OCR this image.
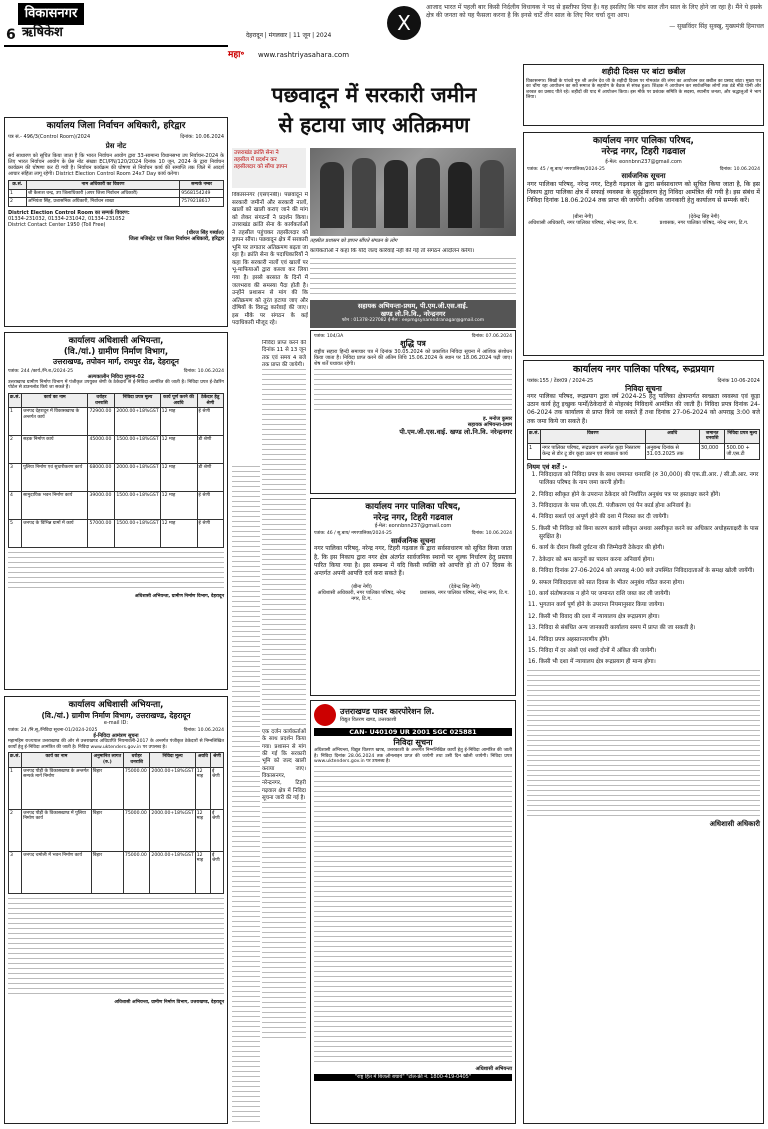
6
विकासनगर
ऋषिकेश	देहरादून | मंगलवार | 11 जून | 2024
महा॰ www.rashtriyasahara.com
X
आजाद भारत में पहली बार किसी निर्दलीय विधायक ने पद से इस्तीफा दिया है। यह इसलिए कि पांच साल तीन साल के लिए होने जा रहा है। मैंने ये इसके क्षेत्र की जनता को यह फैसला करना है कि इनसे चार्टें तीन साल के लिए फिर चर्चा दूना आप।
— सुखविंदर सिंह सुक्खू, मुख्यमंत्री हिमाचल
पछवादून में सरकारी जमीन
से हटाया जाए अतिक्रमण
उत्तराखंड क्रांति सेना ने
तहसील में प्रदर्शन कर
तहसीलदार को सौंपा ज्ञापन
तहसील प्रशासन को ज्ञापन सौंपते संगठन के लोग
शहीदी दिवस पर बांटा छबील
विकासनगर। सिखों के पांचवे गुरु श्री अर्जन देव जी के शहीदी दिवस पर गोमकांत की लंगर का आयोजन कर छबील का प्रसाद बांटा। मुख्य पथ का चौंगा रहा आयोजन का सर्व समाज के सहयोग के बैठक से संपन्न हुआ। शिक्षक ने आयोजन कर सार्वजनिक लोगों तक ठंडे मीठे पानी और शरबत का प्रसाद पीते रहे। शहीदों की याद में आयोजन किया। इस मौके पर प्रबंधक समिति के सदस्य, स्थानीय जनता, और श्रद्धालुओं ने भाग लिया।
कार्यालय जिला निर्वाचन अधिकारी, हरिद्वार
पत्र सं.- 496/3(Control Room)/2024	दिनांक: 10.06.2024
प्रेस नोट
सर्व साधारण को सूचित किया जाता है कि भारत निर्वाचन आयोग द्वारा 33-सामान्य विधानसभा उप निर्वाचन-2024 के लिए भारत निर्वाचन आयोग के प्रेस नोट संख्या ECI/PN/120/2024 दिनांक 10 जून, 2024 के द्वारा निर्वाचन कार्यक्रम की घोषणा कर दी गयी है। निर्वाचन कार्यक्रम की घोषणा से निर्वाचन कार्य की समाप्ति तक जिले में आदर्श आचार संहिता लागू रहेगी। District Election Control Room 24x7 Day कार्य करेगा।
क्र.सं.	नाम अधिकारी का विवरण	सम्पर्क नम्बर
1	श्री कैलाश चन्द्र, उप जिलाधिकारी (अपर जिला निर्वाचन अधिकारी)	9568154249
2	अभियंता सिंह, प्रशासनिक अधिकारी, निर्वाचन शाखा	7579218617
District Election Control Room का सम्पर्क विवरण:
01334-231032, 01334-231042, 01334-231052
District Contact Center 1950 (Toll Free)
(धीरज सिंह गर्ब्याल)
जिला मजिस्ट्रेट एवं जिला निर्वाचन अधिकारी, हरिद्वार
कार्यालय अधिशासी अभियन्ता,
(वि./यां.) ग्रामीण निर्माण विभाग,
उत्तराखण्ड, तपोवन मार्ग, रायपुर रोड, देहरादून
पत्रांक: 244 /कार्य./नि.ब./2024-25	दिनांक: 10.06.2024
अल्पकालीन निविदा सूचना-02
उत्तराखण्ड ग्रामीण निर्माण विभाग में पंजीकृत उपयुक्त श्रेणी के ठेकेदारों से ई-निविदा आमंत्रित की जाती है। निविदा प्रपत्र ई-टेंडरिंग पोर्टल से डाउनलोड किये जा सकते हैं।
क्र.सं.	कार्य का नाम	धरोहर धनराशि	निविदा प्रपत्र मूल्य	कार्य पूर्ण करने की अवधि	ठेकेदार हेतु श्रेणी
1	जनपद देहरादून में विकासखण्ड के अन्तर्गत कार्य	72900.00	2000.00+18%GST	12 माह	ई श्रेणी
2	सड़क निर्माण कार्य	45000.00	1500.00+18%GST	12 माह	डी श्रेणी
3	पुलिया निर्माण एवं सुधारीकरण कार्य	68000.00	2000.00+18%GST	12 माह	डी श्रेणी
4	सामुदायिक भवन निर्माण कार्य	39000.00	1500.00+18%GST	12 माह	ई श्रेणी
5	जनपद के विभिन्न ग्रामों में कार्य	57000.00	1500.00+18%GST	12 माह	ई श्रेणी
अधिशासी अभियन्ता, ग्रामीण निर्माण विभाग, देहरादून
कार्यालय अधिशासी अभियन्ता,
(वि./यां.) ग्रामीण निर्माण विभाग, उत्तराखण्ड, देहरादून
e-mail ID:
पत्रांक: 24 /नि.सू./निविदा सूचना-01/2024-2025	दिनांक: 10.06.2024
ई-निविदा आमंत्रण सूचना
महामहिम राज्यपाल उत्तराखण्ड की ओर से उत्तराखण्ड अधिप्राप्ति नियमावली-2017 के अन्तर्गत पंजीकृत ठेकेदारों से निम्नलिखित कार्यों हेतु ई-निविदा आमंत्रित की जाती है। निविदा www.uktenders.gov.in पर उपलब्ध है।
क्र.सं.	कार्य का नाम	अनुमानित लागत (रु.)	धरोहर धनराशि	निविदा मूल्य	अवधि	श्रेणी
1	जनपद पौड़ी के विकासखण्ड के अन्तर्गत सम्पर्क मार्ग निर्माण	बिहार	75000.00	2000.00+18%GST	12 माह	ई श्रेणी
2	जनपद पौड़ी के विकासखण्ड में पुलिया निर्माण कार्य	बिहार	75000.00	2000.00+18%GST	12 माह	ई श्रेणी
3	जनपद चमोली में भवन निर्माण कार्य	बिहार	75000.00	2000.00+18%GST	12 माह	ई श्रेणी
अधिशासी अभियन्ता, ग्रामीण निर्माण विभाग, उत्तराखण्ड, देहरादून
विकासनगर (एसएनबी)। पछवादून में सरकारी जमीनों और सरकारी नालों, खालों को खाली कराए जाने की मांग को लेकर संगठनों ने प्रदर्शन किया। उत्तराखंड क्रांति सेना के कार्यकर्ताओं ने तहसील पहुंचकर तहसीलदार को ज्ञापन सौंपा। पछवादून क्षेत्र में सरकारी भूमि पर लगातार अतिक्रमण बढ़ता जा रहा है। क्रांति सेना के पदाधिकारियों ने कहा कि सरकारी नालों एवं खालों पर भू-माफियाओं द्वारा कब्जा कर लिया गया है। इससे बरसात के दिनों में जलभराव की समस्या पैदा होती है। उन्होंने प्रशासन से मांग की कि अतिक्रमण को तुरंत हटाया जाए और दोषियों के विरुद्ध कार्रवाई की जाए। इस मौके पर संगठन के कई पदाधिकारी मौजूद रहे।
कार्यकर्ताओं ने कहा कि यदि जल्द कार्रवाई नहीं की गई तो संगठन आंदोलन करेगा।
सहायक अभियन्ता-प्रथम, पी.एम.जी.एस.वाई.
खण्ड लो.नि.वि., नरेन्द्रनगर
फोन : 01378-227082 ई-मेल : eepmgsynarendranagar@gmail.com
पत्रांक: 104/3A	दिनांक: 07.06.2024
शुद्धि पत्र
राष्ट्रीय सहारा हिन्दी समाचार पत्र में दिनांक 30.05.2024 को प्रकाशित निविदा सूचना में आंशिक संशोधन किया जाता है। निविदा प्राप्त करने की अंतिम तिथि 15.06.2024 के स्थान पर 18.06.2024 पढ़ी जाए। शेष शर्तें यथावत रहेंगी।
ह. मनोज कुमार
सहायक अभियन्ता-प्रथम
पी.एम.जी.एस.वाई. खण्ड लो.नि.वि. नरेन्द्रनगर
निविदा प्राप्त करने की दिनांक 11 से 13 जून तक एवं समय 4 बजे तक प्राप्त की जायेगी।
एक दर्जन कार्यकर्ताओं के साथ प्रदर्शन किया गया। प्रशासन से मांग की गई कि सरकारी भूमि को जल्द खाली कराया जाए। विकासनगर, नरेन्द्रनगर, टिहरी गढ़वाल क्षेत्र में निविदा सूचना जारी की गई है।
कार्यालय नगर पालिका परिषद,
नरेन्द्र नगर, टिहरी गढवाल
ई-मेल: eonnbnn237@gmail.com
पत्रांक: 45 / सू.बाय/ नगरपालिका/2024-25	दिनांक: 10.06.2024
सार्वजनिक सूचना
नगर पालिका परिषद्, नरेन्द्र नगर, टिहरी गढ़वाल के द्वारा सर्वसाधारण को सूचित किया जाता है, कि इस निकाय द्वारा पालिका क्षेत्र में सफाई व्यवस्था के सुदृढ़ीकरण हेतु निविदा आमंत्रित की गयी है। इस संबंध में निविदा दिनांक 18.06.2024 तक प्राप्त की जायेंगी। अधिक जानकारी हेतु कार्यालय से सम्पर्क करें।
(बीना नेगी)
अधिशासी अधिकारी, नगर पालिका परिषद, नरेन्द्र नगर, टि.ग.
(देवेन्द्र सिंह नेगी)
प्रशासक, नगर पालिका परिषद, नरेन्द्र नगर, टि.ग.
कार्यालय नगर पालिका परिषद,
नरेन्द्र नगर, टिहरी गढवाल
ई-मेल: eonnbnn237@gmail.com
पत्रांक: 46 / सू.बाय/ नगरपालिका/2024-25	दिनांक: 10.06.2024
सार्वजनिक सूचना
नगर पालिका परिषद्, नरेन्द्र नगर, टिहरी गढ़वाल के द्वारा सर्वसाधारण को सूचित किया जाता है, कि इस निकाय द्वारा नगर क्षेत्र अंतर्गत सार्वजनिक स्थानों पर शुल्क निर्धारण हेतु प्रस्ताव पारित किया गया है। इस सम्बन्ध में यदि किसी व्यक्ति को आपत्ति हो तो 07 दिवस के अन्तर्गत अपनी आपत्ति दर्ज करा सकते हैं।
(बीना नेगी)
अधिशासी अधिकारी, नगर पालिका परिषद, नरेन्द्र नगर, टि.ग.
(देवेन्द्र सिंह नेगी)
प्रशासक, नगर पालिका परिषद, नरेन्द्र नगर, टि.ग.
उत्तराखण्ड पावर कारपोरेशन लि.
विद्युत वितरण खण्ड, उत्तरकाशी
CAN- U40109 UR 2001 SGC 025881
निविदा सूचना
अधिशासी अभियन्ता, विद्युत वितरण खण्ड, उत्तरकाशी के अन्तर्गत निम्नलिखित कार्यों हेतु ई-निविदा आमंत्रित की जाती है। निविदा दिनांक 28.06.2024 तक ऑनलाइन प्राप्त की जायेगी तथा उसी दिन खोली जायेगी। निविदा प्रपत्र www.uktenders.gov.in पर उपलब्ध है।
अधिशासी अभियन्ता
"राष्ट्र हित में बिजली बचायें" "टोल-फ्री नं. 1800-419-0405"
कार्यालय नगर पालिका परिषद, रूद्रप्रयाग
पत्रांक:155 / टेंडर09 / 2024-25	दिनांक 10-06-2024
निविदा सूचना
नगर पालिका परिषद, रूद्रप्रयाग द्वारा वर्ष 2024-25 हेतु पालिका क्षेत्रान्तर्गत स्वच्छता व्यवस्था एवं कूड़ा उठान कार्य हेतु इच्छुक फर्मों/ठेकेदारों से मोहरबंद निविदायें आमंत्रित की जाती हैं। निविदा प्रपत्र दिनांक 24-06-2024 तक कार्यालय से प्राप्त किये जा सकते हैं तथा दिनांक 27-06-2024 को अपराह्न 3:00 बजे तक जमा किये जा सकते हैं।
क्र.सं.	विवरण	अवधि	जमानत धनराशि	निविदा प्रपत्र मूल्य
1	नगर पालिका परिषद, रूद्रप्रयाग अन्तर्गत कूड़ा निस्तारण केन्द्र से डोर टू डोर कूड़ा उठान एवं स्वच्छता कार्य	अनुबन्ध दिनांक से 31.03.2025 तक	30,000	500.00 + जी.एस.टी
नियम एवं शर्तें :-
1. निविदादाता को निविदा प्रपत्र के साथ जमानत धनराशि (रु 30,000) की एफ.डी.आर. / सी.डी.आर. नगर पालिका परिषद के नाम जमा करनी होगी।
2. निविदा स्वीकृत होने के उपरान्त ठेकेदार को निर्धारित अनुबंध पत्र पर हस्ताक्षर करने होंगे।
3. निविदादाता के पास जी.एस.टी. पंजीकरण एवं पैन कार्ड होना अनिवार्य है।
4. निविदा सशर्त एवं अपूर्ण होने की दशा में निरस्त कर दी जायेगी।
5. किसी भी निविदा को बिना कारण बताये स्वीकृत अथवा अस्वीकृत करने का अधिकार अधोहस्ताक्षरी के पास सुरक्षित है।
6. कार्य के दौरान किसी दुर्घटना की जिम्मेदारी ठेकेदार की होगी।
7. ठेकेदार को श्रम कानूनों का पालन करना अनिवार्य होगा।
8. निविदा दिनांक 27-06-2024 को अपराह्न 4:00 बजे उपस्थित निविदादाताओं के समक्ष खोली जायेंगी।
9. सफल निविदादाता को सात दिवस के भीतर अनुबंध गठित करना होगा।
10. कार्य संतोषजनक न होने पर जमानत राशि जब्त कर ली जायेगी।
11. भुगतान कार्य पूर्ण होने के उपरान्त नियमानुसार किया जायेगा।
12. किसी भी विवाद की दशा में न्यायालय क्षेत्र रूद्रप्रयाग होगा।
13. निविदा से संबंधित अन्य जानकारी कार्यालय समय में प्राप्त की जा सकती है।
14. निविदा प्रपत्र अहस्तान्तरणीय होंगे।
15. निविदा में दर अंकों एवं शब्दों दोनों में अंकित की जायेगी।
16. किसी भी दशा में न्यायालय क्षेत्र रूद्रप्रयाग ही मान्य होगा।
अधिशासी अधिकारी
